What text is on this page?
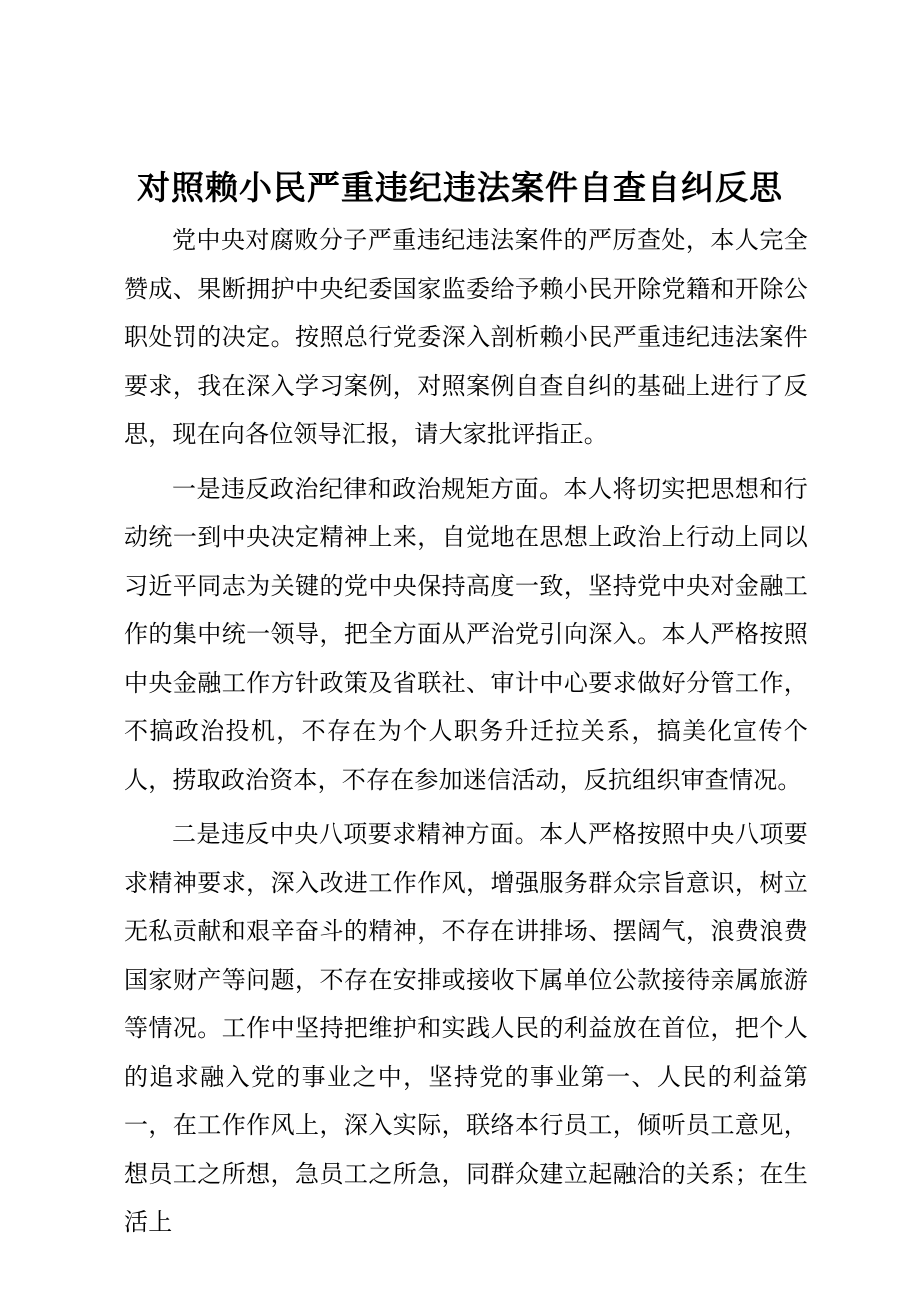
对照赖小民严重违纪违法案件自查自纠反思

党中央对腐败分子严重违纪违法案件的严厉查处，本人完全赞成、果断拥护中央纪委国家监委给予赖小民开除党籍和开除公职处罚的决定。按照总行党委深入剖析赖小民严重违纪违法案件要求，我在深入学习案例，对照案例自查自纠的基础上进行了反思，现在向各位领导汇报，请大家批评指正。

一是违反政治纪律和政治规矩方面。本人将切实把思想和行动统一到中央决定精神上来，自觉地在思想上政治上行动上同以习近平同志为关键的党中央保持高度一致，坚持党中央对金融工作的集中统一领导，把全方面从严治党引向深入。本人严格按照中央金融工作方针政策及省联社、审计中心要求做好分管工作，不搞政治投机，不存在为个人职务升迁拉关系，搞美化宣传个人，捞取政治资本，不存在参加迷信活动，反抗组织审查情况。

二是违反中央八项要求精神方面。本人严格按照中央八项要求精神要求，深入改进工作作风，增强服务群众宗旨意识，树立无私贡献和艰辛奋斗的精神，不存在讲排场、摆阔气，浪费浪费国家财产等问题，不存在安排或接收下属单位公款接待亲属旅游等情况。工作中坚持把维护和实践人民的利益放在首位，把个人的追求融入党的事业之中，坚持党的事业第一、人民的利益第一，在工作作风上，深入实际，联络本行员工，倾听员工意见，想员工之所想，急员工之所急，同群众建立起融洽的关系；在生活上
